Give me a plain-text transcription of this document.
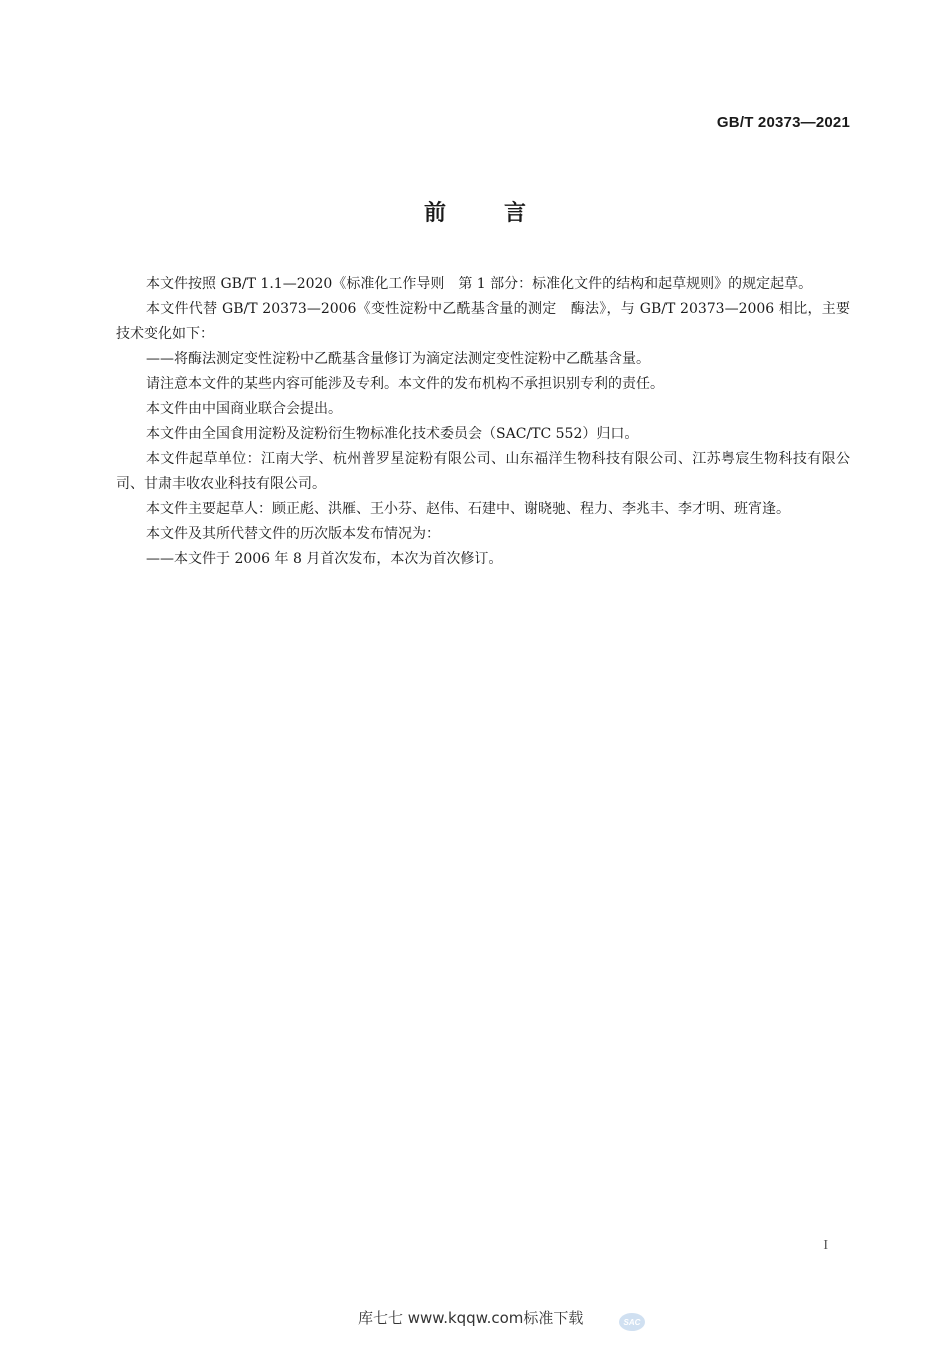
GB/T 20373—2021
前言

本文件按照 GB/T 1.1—2020《标准化工作导则　第 1 部分：标准化文件的结构和起草规则》的规定起草。

本文件代替 GB/T 20373—2006《变性淀粉中乙酰基含量的测定　酶法》，与 GB/T 20373—2006 相比，主要技术变化如下：

——将酶法测定变性淀粉中乙酰基含量修订为滴定法测定变性淀粉中乙酰基含量。

请注意本文件的某些内容可能涉及专利。本文件的发布机构不承担识别专利的责任。

本文件由中国商业联合会提出。

本文件由全国食用淀粉及淀粉衍生物标准化技术委员会（SAC/TC 552）归口。

本文件起草单位：江南大学、杭州普罗星淀粉有限公司、山东福洋生物科技有限公司、江苏粤宸生物科技有限公司、甘肃丰收农业科技有限公司。

本文件主要起草人：顾正彪、洪雁、王小芬、赵伟、石建中、谢晓驰、程力、李兆丰、李才明、班宵逢。

本文件及其所代替文件的历次版本发布情况为：

——本文件于 2006 年 8 月首次发布，本次为首次修订。

I
库七七 www.kqqw.com标准下载	SAC
